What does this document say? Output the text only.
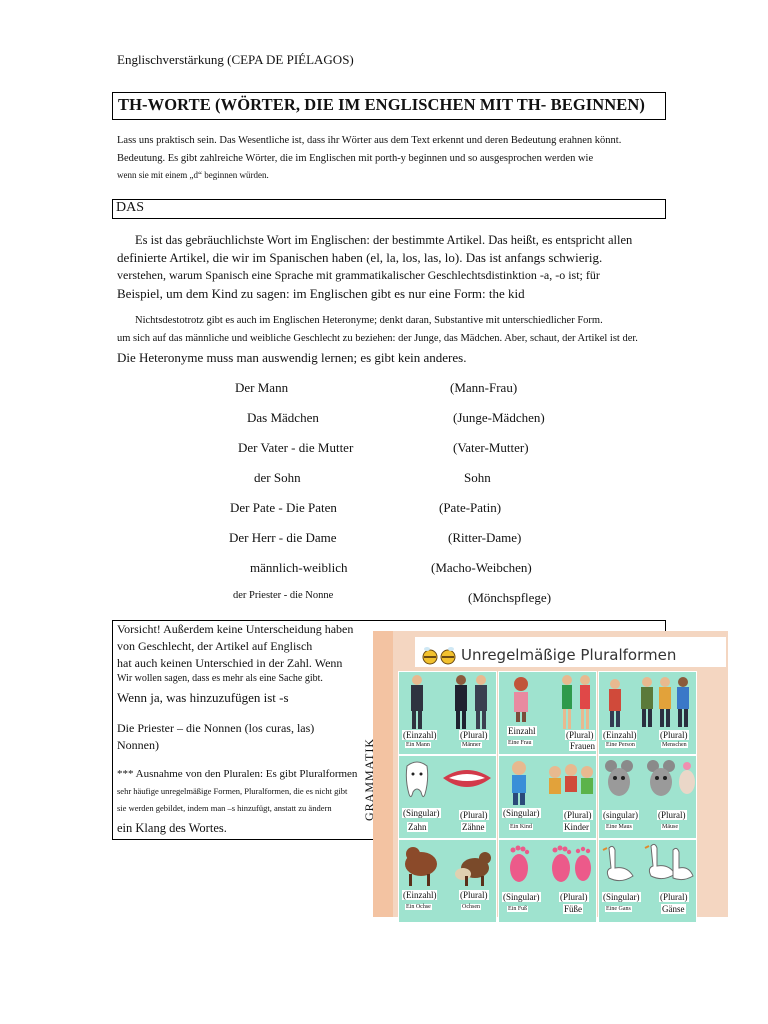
Englischverstärkung (CEPA DE PIÉLAGOS)
TH-WORTE (WÖRTER, DIE IM ENGLISCHEN MIT TH- BEGINNEN)
Lass uns praktisch sein. Das Wesentliche ist, dass ihr Wörter aus dem Text erkennt und deren Bedeutung erahnen könnt.
Bedeutung. Es gibt zahlreiche Wörter, die im Englischen mit porth-y beginnen und so ausgesprochen werden wie
wenn sie mit einem „d“ beginnen würden.
DAS
Es ist das gebräuchlichste Wort im Englischen: der bestimmte Artikel. Das heißt, es entspricht allen
definierte Artikel, die wir im Spanischen haben (el, la, los, las, lo). Das ist anfangs schwierig.
verstehen, warum Spanisch eine Sprache mit grammatikalischer Geschlechtsdistinktion -a, -o ist; für
Beispiel, um dem Kind zu sagen: im Englischen gibt es nur eine Form: the kid
Nichtsdestotrotz gibt es auch im Englischen Heteronyme; denkt daran, Substantive mit unterschiedlicher Form.
um sich auf das männliche und weibliche Geschlecht zu beziehen: der Junge, das Mädchen. Aber, schaut, der Artikel ist der.
Die Heteronyme muss man auswendig lernen; es gibt kein anderes.
Der Mann	(Mann-Frau)
Das Mädchen	(Junge-Mädchen)
Der Vater - die Mutter	(Vater-Mutter)
der Sohn	Sohn
Der Pate - Die Paten	(Pate-Patin)
Der Herr - die Dame	(Ritter-Dame)
männlich-weiblich	(Macho-Weibchen)
der Priester - die Nonne	(Mönchspflege)
Vorsicht! Außerdem keine Unterscheidung haben
von Geschlecht, der Artikel auf Englisch
hat auch keinen Unterschied in der Zahl. Wenn
Wir wollen sagen, dass es mehr als eine Sache gibt.
Wenn ja, was hinzuzufügen ist -s
Die Priester – die Nonnen (los curas, las)
Nonnen)
*** Ausnahme von den Pluralen: Es gibt Pluralformen
sehr häufige unregelmäßige Formen, Pluralformen, die es nicht gibt
sie werden gebildet, indem man –s hinzufügt, anstatt zu ändern
ein Klang des Wortes.
Unregelmäßige Pluralformen
GRAMMATIK
(Einzahl)	(Plural)
Ein Mann	Männer
Einzahl	(Plural)
Eine Frau	Frauen
(Einzahl)	(Plural)
Eine Person	Menschen
(Singular) (Plural)
Zahn	Zähne
(Singular)	(Plural)
Ein Kind	Kinder
(singular) (Plural)
Eine Maus	Mäuse
(Einzahl)	(Plural)
Ein Ochse	Ochsen
(Singular) (Plural)
Ein Fuß	Füße
(Singular) (Plural)
Eine Gans	Gänse
